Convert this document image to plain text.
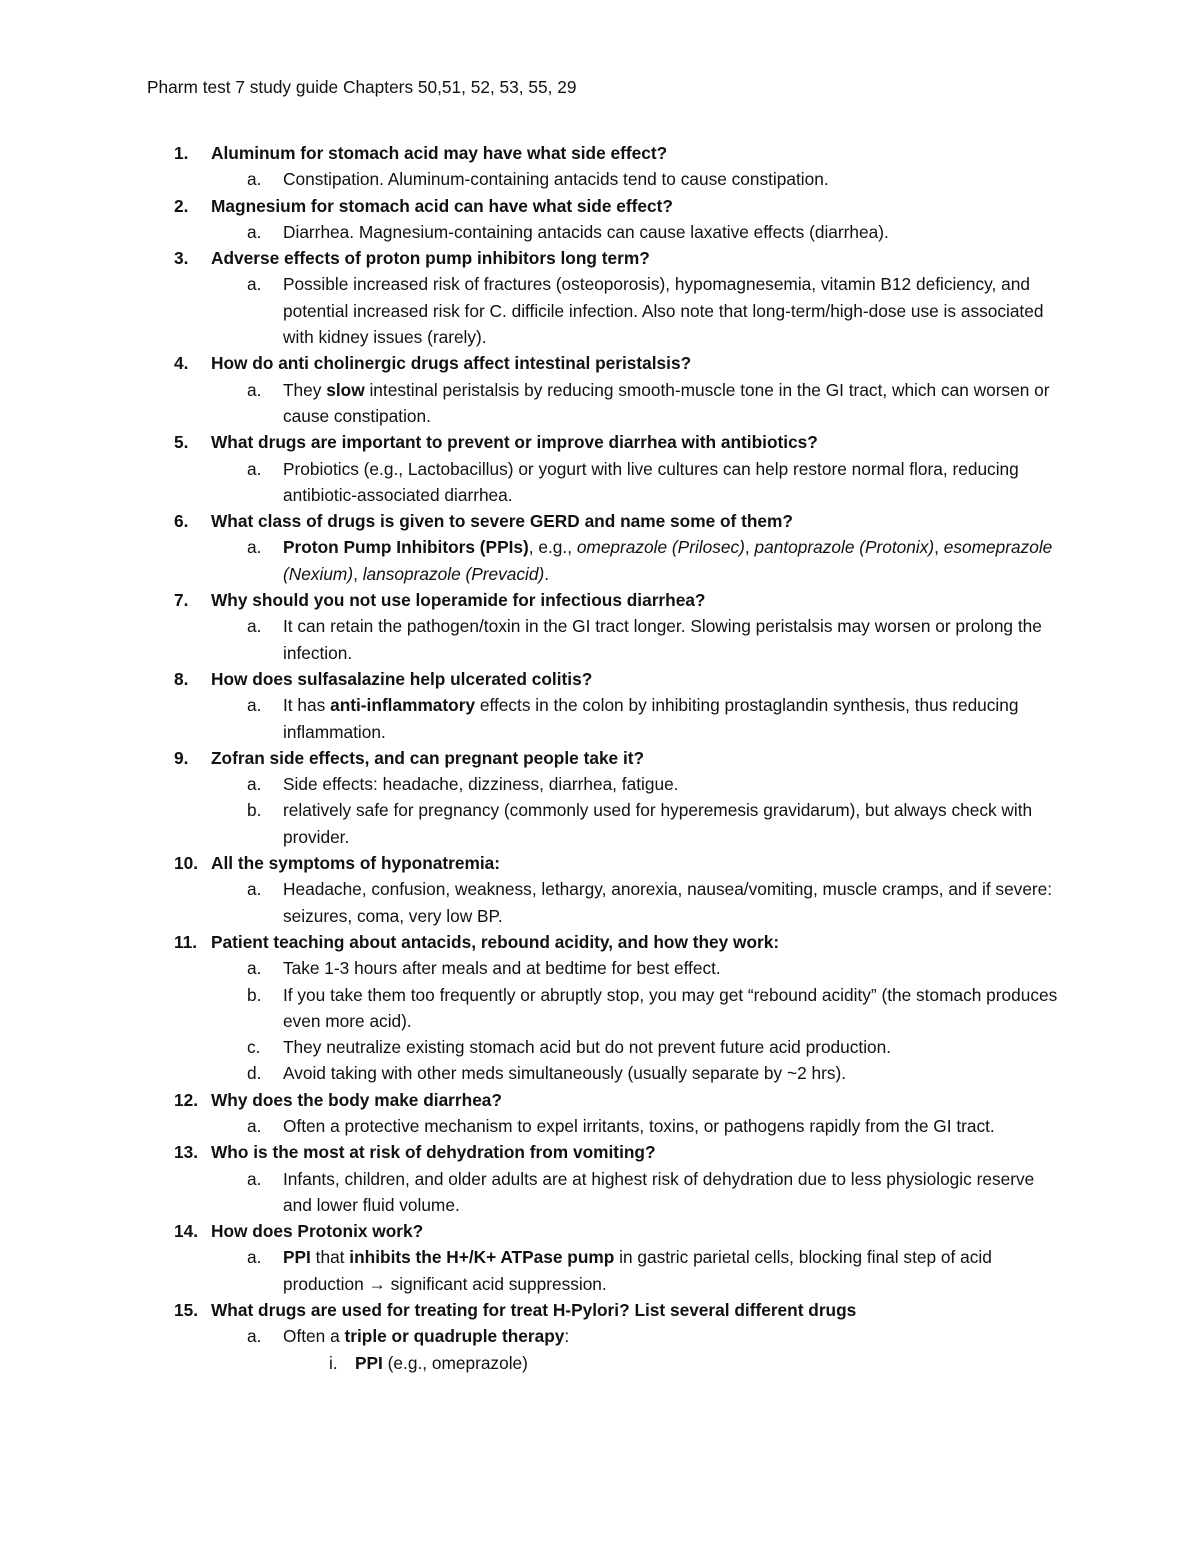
Pharm test 7 study guide Chapters 50,51, 52, 53, 55, 29
1. Aluminum for stomach acid may have what side effect?
a. Constipation. Aluminum-containing antacids tend to cause constipation.
2. Magnesium for stomach acid can have what side effect?
a. Diarrhea. Magnesium-containing antacids can cause laxative effects (diarrhea).
3. Adverse effects of proton pump inhibitors long term?
a. Possible increased risk of fractures (osteoporosis), hypomagnesemia, vitamin B12 deficiency, and potential increased risk for C. difficile infection. Also note that long-term/high-dose use is associated with kidney issues (rarely).
4. How do anti cholinergic drugs affect intestinal peristalsis?
a. They slow intestinal peristalsis by reducing smooth-muscle tone in the GI tract, which can worsen or cause constipation.
5. What drugs are important to prevent or improve diarrhea with antibiotics?
a. Probiotics (e.g., Lactobacillus) or yogurt with live cultures can help restore normal flora, reducing antibiotic-associated diarrhea.
6. What class of drugs is given to severe GERD and name some of them?
a. Proton Pump Inhibitors (PPIs), e.g., omeprazole (Prilosec), pantoprazole (Protonix), esomeprazole (Nexium), lansoprazole (Prevacid).
7. Why should you not use loperamide for infectious diarrhea?
a. It can retain the pathogen/toxin in the GI tract longer. Slowing peristalsis may worsen or prolong the infection.
8. How does sulfasalazine help ulcerated colitis?
a. It has anti-inflammatory effects in the colon by inhibiting prostaglandin synthesis, thus reducing inflammation.
9. Zofran side effects, and can pregnant people take it?
a. Side effects: headache, dizziness, diarrhea, fatigue.
b. relatively safe for pregnancy (commonly used for hyperemesis gravidarum), but always check with provider.
10. All the symptoms of hyponatremia:
a. Headache, confusion, weakness, lethargy, anorexia, nausea/vomiting, muscle cramps, and if severe: seizures, coma, very low BP.
11. Patient teaching about antacids, rebound acidity, and how they work:
a. Take 1-3 hours after meals and at bedtime for best effect.
b. If you take them too frequently or abruptly stop, you may get “rebound acidity” (the stomach produces even more acid).
c. They neutralize existing stomach acid but do not prevent future acid production.
d. Avoid taking with other meds simultaneously (usually separate by ~2 hrs).
12. Why does the body make diarrhea?
a. Often a protective mechanism to expel irritants, toxins, or pathogens rapidly from the GI tract.
13. Who is the most at risk of dehydration from vomiting?
a. Infants, children, and older adults are at highest risk of dehydration due to less physiologic reserve and lower fluid volume.
14. How does Protonix work?
a. PPI that inhibits the H+/K+ ATPase pump in gastric parietal cells, blocking final step of acid production → significant acid suppression.
15. What drugs are used for treating for treat H-Pylori? List several different drugs
a. Often a triple or quadruple therapy:
i. PPI (e.g., omeprazole)
